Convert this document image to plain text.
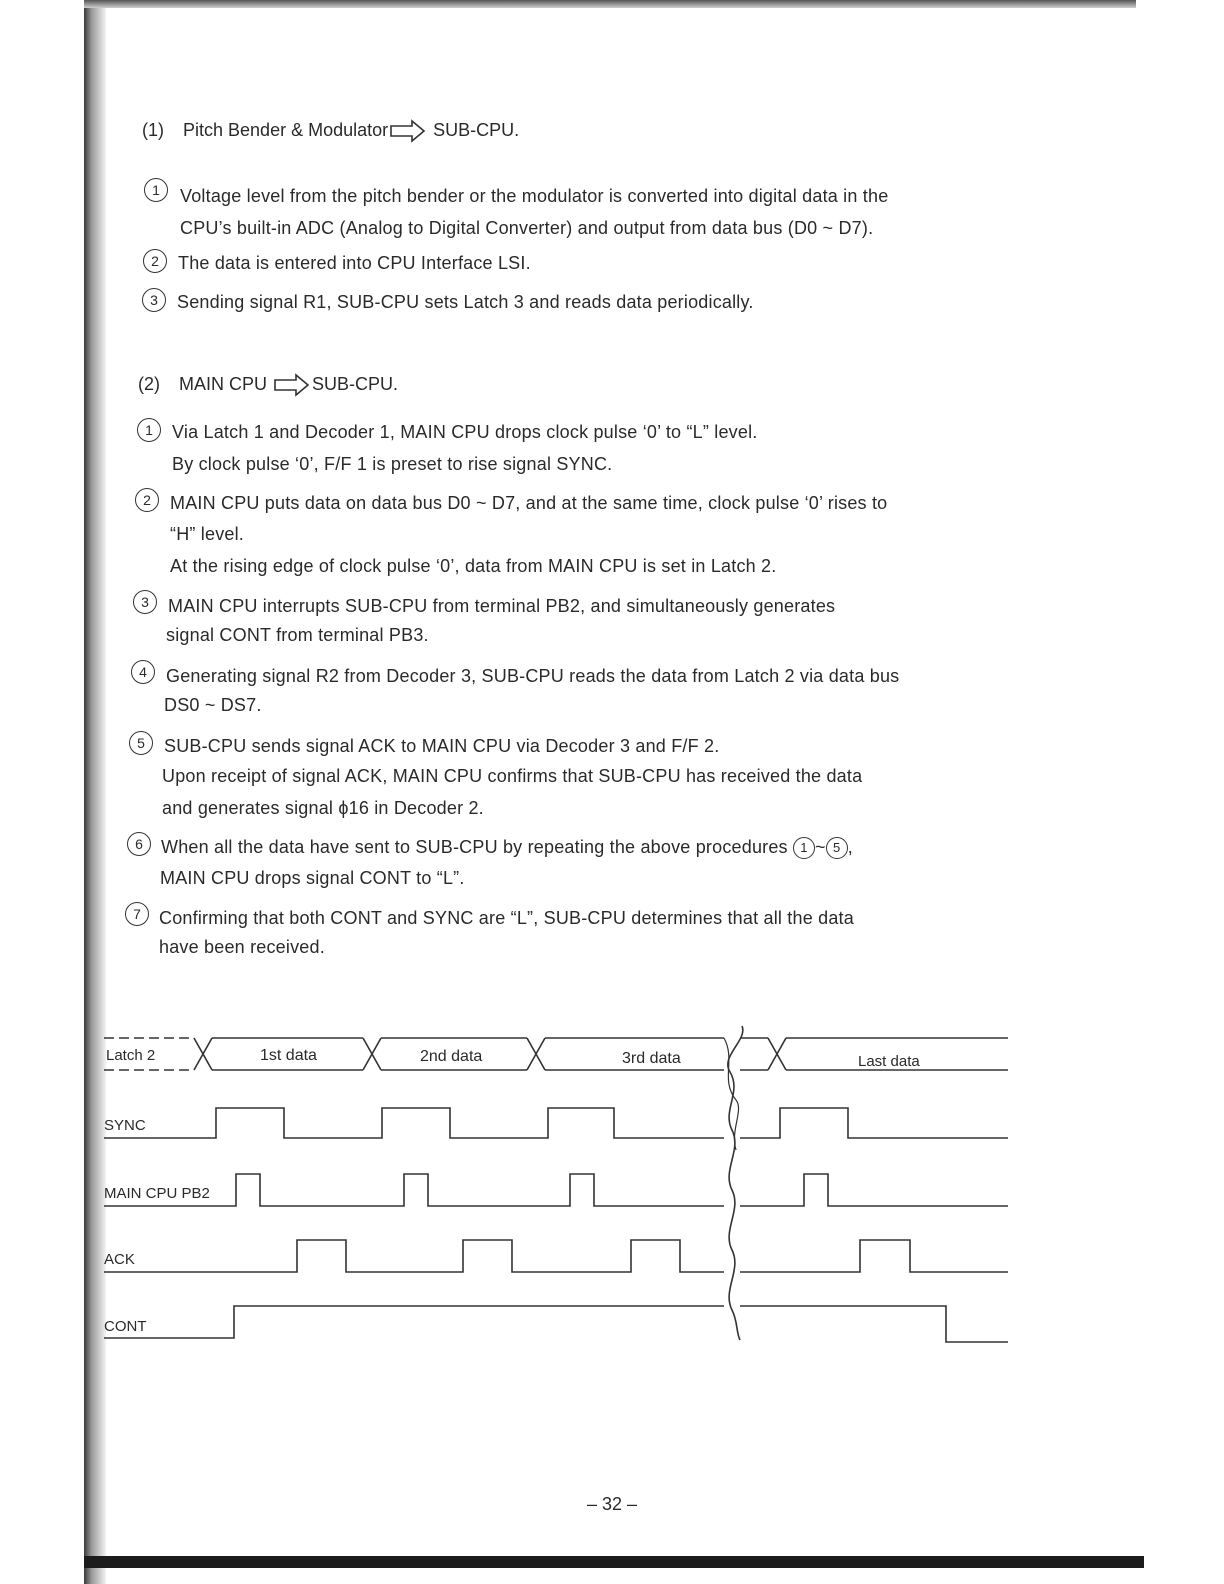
(1) Pitch Bender & Modulator	SUB-CPU.
1	Voltage level from the pitch bender or the modulator is converted into digital data in the
CPU’s built-in ADC (Analog to Digital Converter) and output from data bus (D0 ~ D7).
2	The data is entered into CPU Interface LSI.
3	Sending signal R1, SUB-CPU sets Latch 3 and reads data periodically.
(2) MAIN CPU	SUB-CPU.
1	Via Latch 1 and Decoder 1, MAIN CPU drops clock pulse ‘0’ to “L” level.
By clock pulse ‘0’, F/F 1 is preset to rise signal SYNC.
2	MAIN CPU puts data on data bus D0 ~ D7, and at the same time, clock pulse ‘0’ rises to
“H” level.
At the rising edge of clock pulse ‘0’, data from MAIN CPU is set in Latch 2.
3	MAIN CPU interrupts SUB-CPU from terminal PB2, and simultaneously generates
signal CONT from terminal PB3.
4	Generating signal R2 from Decoder 3, SUB-CPU reads the data from Latch 2 via data bus
DS0 ~ DS7.
5	SUB-CPU sends signal ACK to MAIN CPU via Decoder 3 and F/F 2.
Upon receipt of signal ACK, MAIN CPU confirms that SUB-CPU has received the data
and generates signal ϕ16 in Decoder 2.
6	When all the data have sent to SUB-CPU by repeating the above procedures 1 ~ 5 ,
MAIN CPU drops signal CONT to “L”.
7	Confirming that both CONT and SYNC are “L”, SUB-CPU determines that all the data
have been received.
Latch 2
SYNC
MAIN CPU PB2
ACK
CONT
1st data	2nd data	3rd data	Last data
– 32 –
